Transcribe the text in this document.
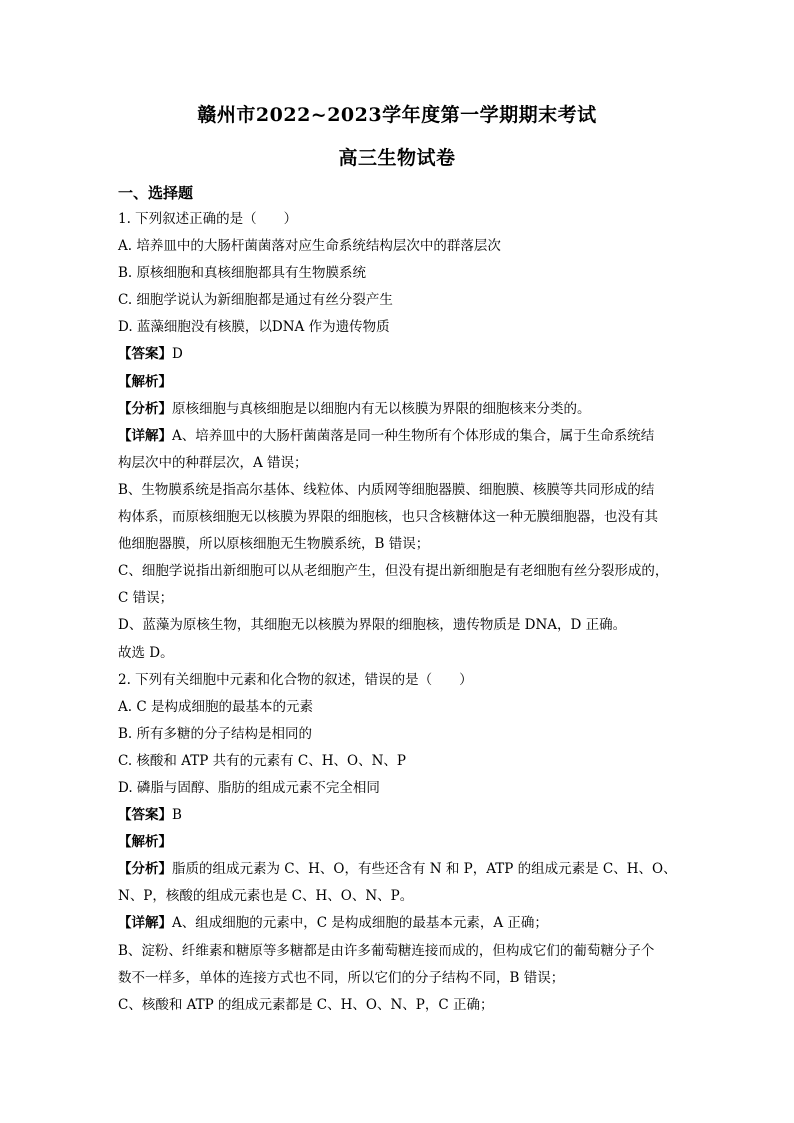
赣州市2022~2023学年度第一学期期末考试
高三生物试卷
一、选择题
1. 下列叙述正确的是（　　）
A. 培养皿中的大肠杆菌菌落对应生命系统结构层次中的群落层次
B. 原核细胞和真核细胞都具有生物膜系统
C. 细胞学说认为新细胞都是通过有丝分裂产生
D. 蓝藻细胞没有核膜，以DNA 作为遗传物质
【答案】D
【解析】
【分析】原核细胞与真核细胞是以细胞内有无以核膜为界限的细胞核来分类的。
【详解】A、培养皿中的大肠杆菌菌落是同一种生物所有个体形成的集合，属于生命系统结
构层次中的种群层次，A 错误；
B、生物膜系统是指高尔基体、线粒体、内质网等细胞器膜、细胞膜、核膜等共同形成的结
构体系，而原核细胞无以核膜为界限的细胞核，也只含核糖体这一种无膜细胞器，也没有其
他细胞器膜，所以原核细胞无生物膜系统，B 错误；
C、细胞学说指出新细胞可以从老细胞产生，但没有提出新细胞是有老细胞有丝分裂形成的，
C 错误；
D、蓝藻为原核生物，其细胞无以核膜为界限的细胞核，遗传物质是 DNA，D 正确。
故选 D。
2. 下列有关细胞中元素和化合物的叙述，错误的是（　　）
A. C 是构成细胞的最基本的元素
B. 所有多糖的分子结构是相同的
C. 核酸和 ATP 共有的元素有 C、H、O、N、P
D. 磷脂与固醇、脂肪的组成元素不完全相同
【答案】B
【解析】
【分析】脂质的组成元素为 C、H、O，有些还含有 N 和 P，ATP 的组成元素是 C、H、O、
N、P，核酸的组成元素也是 C、H、O、N、P。
【详解】A、组成细胞的元素中，C 是构成细胞的最基本元素，A 正确；
B、淀粉、纤维素和糖原等多糖都是由许多葡萄糖连接而成的，但构成它们的葡萄糖分子个
数不一样多，单体的连接方式也不同，所以它们的分子结构不同，B 错误；
C、核酸和 ATP 的组成元素都是 C、H、O、N、P，C 正确；
